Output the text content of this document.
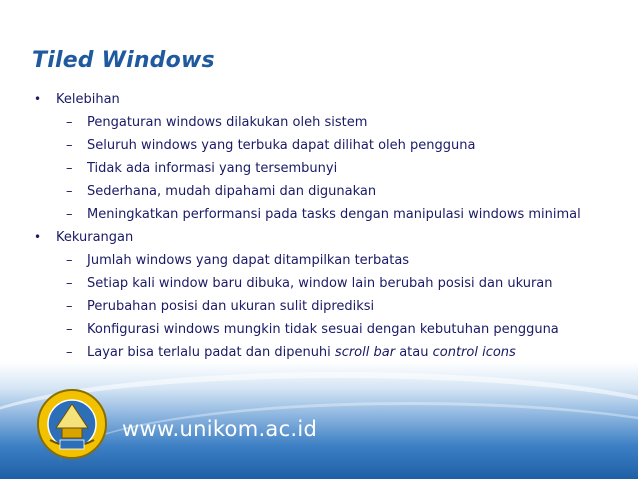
Tiled Windows
•	Kelebihan
–	Pengaturan windows dilakukan oleh sistem
–	Seluruh windows yang terbuka dapat dilihat oleh pengguna
–	Tidak ada informasi yang tersembunyi
–	Sederhana, mudah dipahami dan digunakan
–	Meningkatkan performansi pada tasks dengan manipulasi windows minimal
•	Kekurangan
–	Jumlah windows yang dapat ditampilkan terbatas
–	Setiap kali window baru dibuka, window lain berubah posisi dan ukuran
–	Perubahan posisi dan ukuran sulit diprediksi
–	Konfigurasi windows mungkin tidak sesuai dengan kebutuhan pengguna
–	Layar bisa terlalu padat dan dipenuhi scroll bar atau control icons
www.unikom.ac.id
